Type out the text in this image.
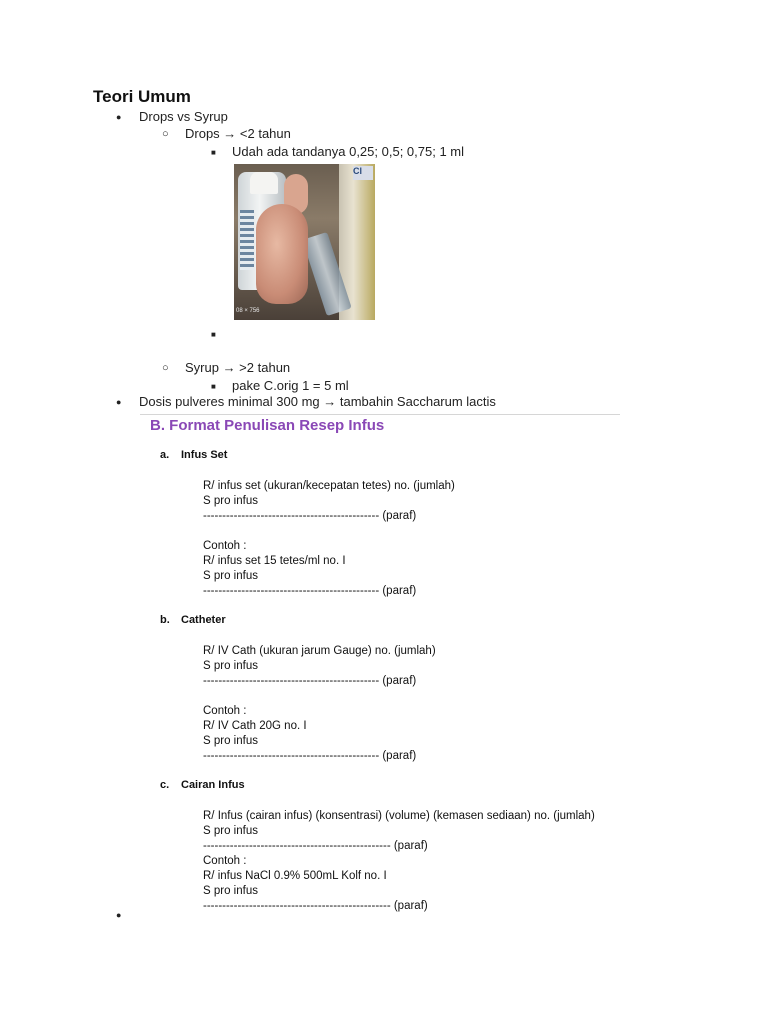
Teori Umum
● Drops vs Syrup
○ Drops → <2 tahun
■ Udah ada tandanya 0,25; 0,5; 0,75; 1 ml
Cl
08 × 756
■
○ Syrup → >2 tahun
■ pake C.orig 1 = 5 ml
● Dosis pulveres minimal 300 mg → tambahin Saccharum lactis
B. Format Penulisan Resep Infus
a. Infus Set
R/ infus set (ukuran/kecepatan tetes) no. (jumlah)
S pro infus
---------------------------------------------- (paraf)
Contoh :
R/ infus set 15 tetes/ml no. I
S pro infus
---------------------------------------------- (paraf)
b. Catheter
R/ IV Cath (ukuran jarum Gauge) no. (jumlah)
S pro infus
---------------------------------------------- (paraf)
Contoh :
R/ IV Cath 20G no. I
S pro infus
---------------------------------------------- (paraf)
c. Cairan Infus
R/ Infus (cairan infus) (konsentrasi) (volume) (kemasen sediaan) no. (jumlah)
S pro infus
------------------------------------------------- (paraf)
Contoh :
R/ infus NaCl 0.9% 500mL Kolf no. I
S pro infus
------------------------------------------------- (paraf)
●
